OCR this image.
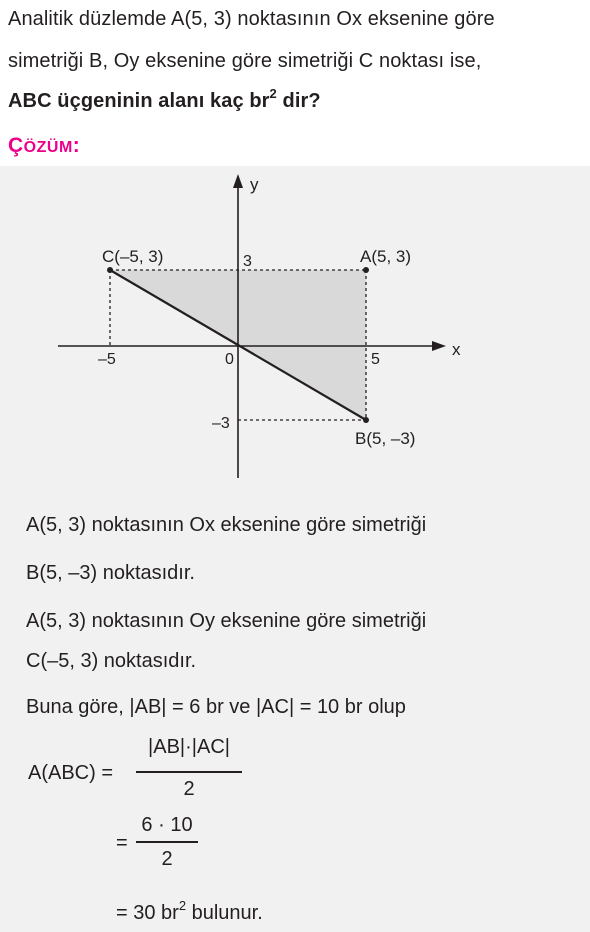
Analitik düzlemde A(5, 3) noktasının Ox eksenine göre
simetriği B, Oy eksenine göre simetriği C noktası ise,
ABC üçgeninin alanı kaç $br^2$ dir?
ÇÖZÜM:
y
x
C(–5, 3)	A(5, 3)
B(5, –3)
3
–3
5
–5	0
A(5, 3) noktasının Ox eksenine göre simetriği
B(5, –3) noktasıdır.
A(5, 3) noktasının Oy eksenine göre simetriği
C(–5, 3) noktasıdır.
Buna göre, |AB| = 6 br ve |AC| = 10 br olup
A(ABC) =
|AB|·|AC|
2
=
6 · 10
2
= 30 $br^2$ bulunur.
